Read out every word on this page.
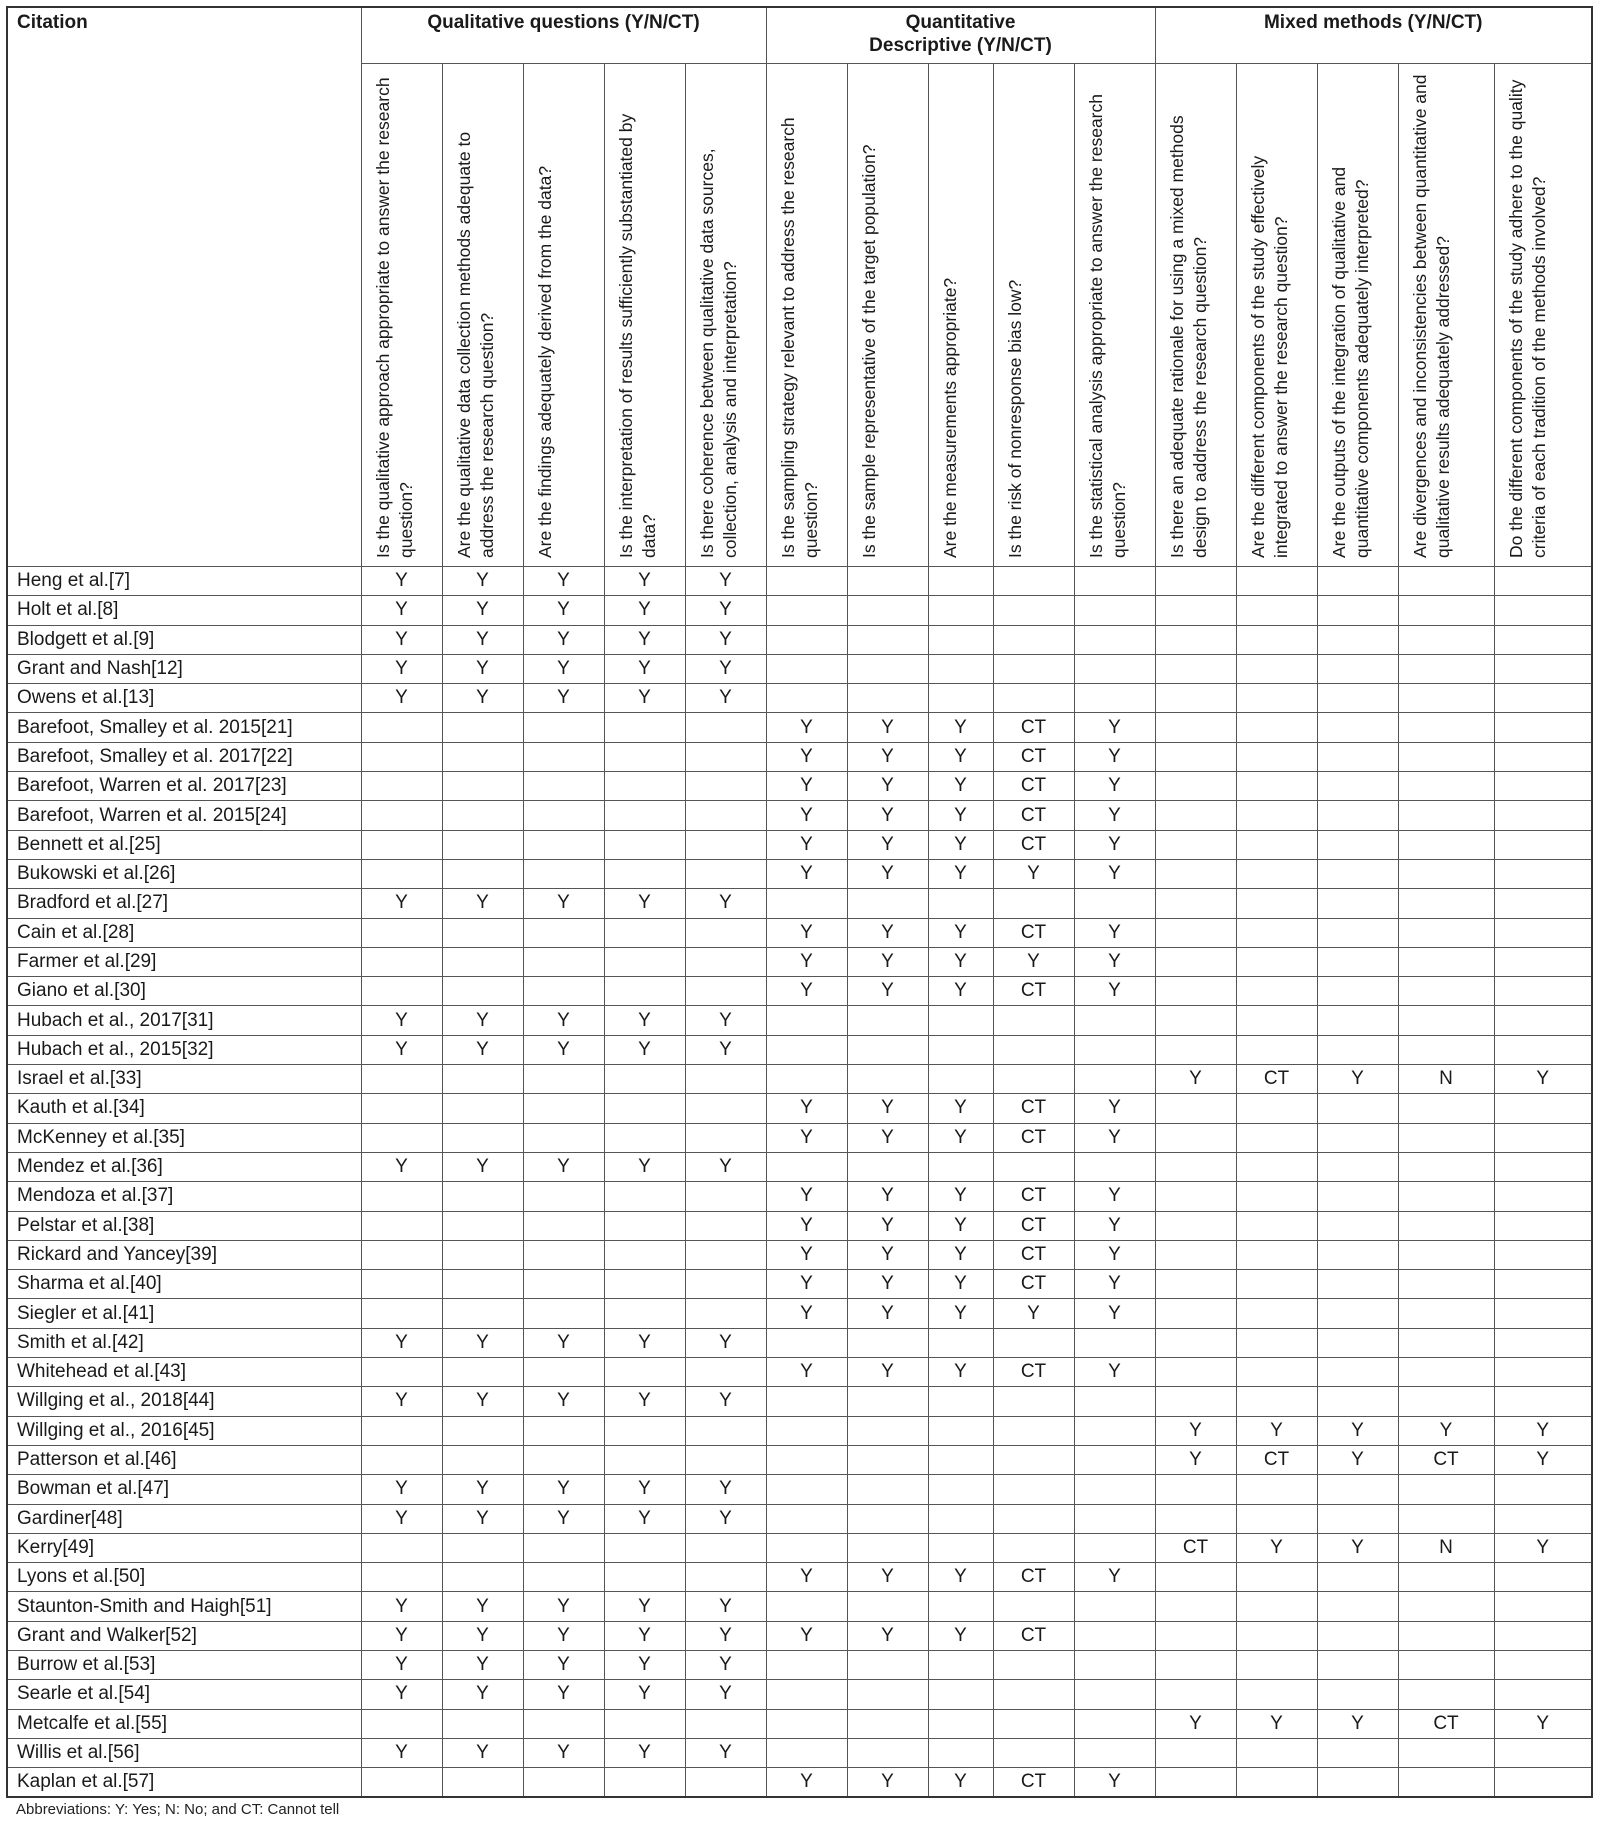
Citation	Qualitative questions (Y/N/CT)					Quantitative Descriptive (Y/N/CT)					Mixed methods (Y/N/CT)				

	Is the qualitative approach appropriate to answer the research question?	Are the qualitative data collection methods adequate to address the research question?	Are the findings adequately derived from the data?	Is the interpretation of results sufficiently substantiated by data?	Is there coherence between qualitative data sources, collection, analysis and interpretation?	Is the sampling strategy relevant to address the research question?	Is the sample representative of the target population?	Are the measurements appropriate?	Is the risk of nonresponse bias low?	Is the statistical analysis appropriate to answer the research question?	Is there an adequate rationale for using a mixed methods design to address the research question?	Are the different components of the study effectively integrated to answer the research question?	Are the outputs of the integration of qualitative and quantitative components adequately interpreted?	Are divergences and inconsistencies between quantitative and qualitative results adequately addressed?	Do the different components of the study adhere to the quality criteria of each tradition of the methods involved?

Heng et al.[7]	Y	Y	Y	Y	Y										
Holt et al.[8]	Y	Y	Y	Y	Y										
Blodgett et al.[9]	Y	Y	Y	Y	Y										
Grant and Nash[12]	Y	Y	Y	Y	Y										
Owens et al.[13]	Y	Y	Y	Y	Y										
Barefoot, Smalley et al. 2015[21]						Y	Y	Y	CT	Y					
Barefoot, Smalley et al. 2017[22]						Y	Y	Y	CT	Y					
Barefoot, Warren et al. 2017[23]						Y	Y	Y	CT	Y					
Barefoot, Warren et al. 2015[24]						Y	Y	Y	CT	Y					
Bennett et al.[25]						Y	Y	Y	CT	Y					
Bukowski et al.[26]						Y	Y	Y	Y	Y					
Bradford et al.[27]	Y	Y	Y	Y	Y										
Cain et al.[28]						Y	Y	Y	CT	Y					
Farmer et al.[29]						Y	Y	Y	Y	Y					
Giano et al.[30]						Y	Y	Y	CT	Y					
Hubach et al., 2017[31]	Y	Y	Y	Y	Y										
Hubach et al., 2015[32]	Y	Y	Y	Y	Y										
Israel et al.[33]											Y	CT	Y	N	Y
Kauth et al.[34]						Y	Y	Y	CT	Y					
McKenney et al.[35]						Y	Y	Y	CT	Y					
Mendez et al.[36]	Y	Y	Y	Y	Y										
Mendoza et al.[37]						Y	Y	Y	CT	Y					
Pelstar et al.[38]						Y	Y	Y	CT	Y					
Rickard and Yancey[39]						Y	Y	Y	CT	Y					
Sharma et al.[40]						Y	Y	Y	CT	Y					
Siegler et al.[41]						Y	Y	Y	Y	Y					
Smith et al.[42]	Y	Y	Y	Y	Y										
Whitehead et al.[43]						Y	Y	Y	CT	Y					
Willging et al., 2018[44]	Y	Y	Y	Y	Y										
Willging et al., 2016[45]											Y	Y	Y	Y	Y
Patterson et al.[46]											Y	CT	Y	CT	Y
Bowman et al.[47]	Y	Y	Y	Y	Y										
Gardiner[48]	Y	Y	Y	Y	Y										
Kerry[49]											CT	Y	Y	N	Y
Lyons et al.[50]						Y	Y	Y	CT	Y					
Staunton-Smith and Haigh[51]	Y	Y	Y	Y	Y										
Grant and Walker[52]	Y	Y	Y	Y	Y	Y	Y	Y	CT						
Burrow et al.[53]	Y	Y	Y	Y	Y										
Searle et al.[54]	Y	Y	Y	Y	Y										
Metcalfe et al.[55]											Y	Y	Y	CT	Y
Willis et al.[56]	Y	Y	Y	Y	Y										
Kaplan et al.[57]						Y	Y	Y	CT	Y					
Abbreviations: Y: Yes; N: No; and CT: Cannot tell
